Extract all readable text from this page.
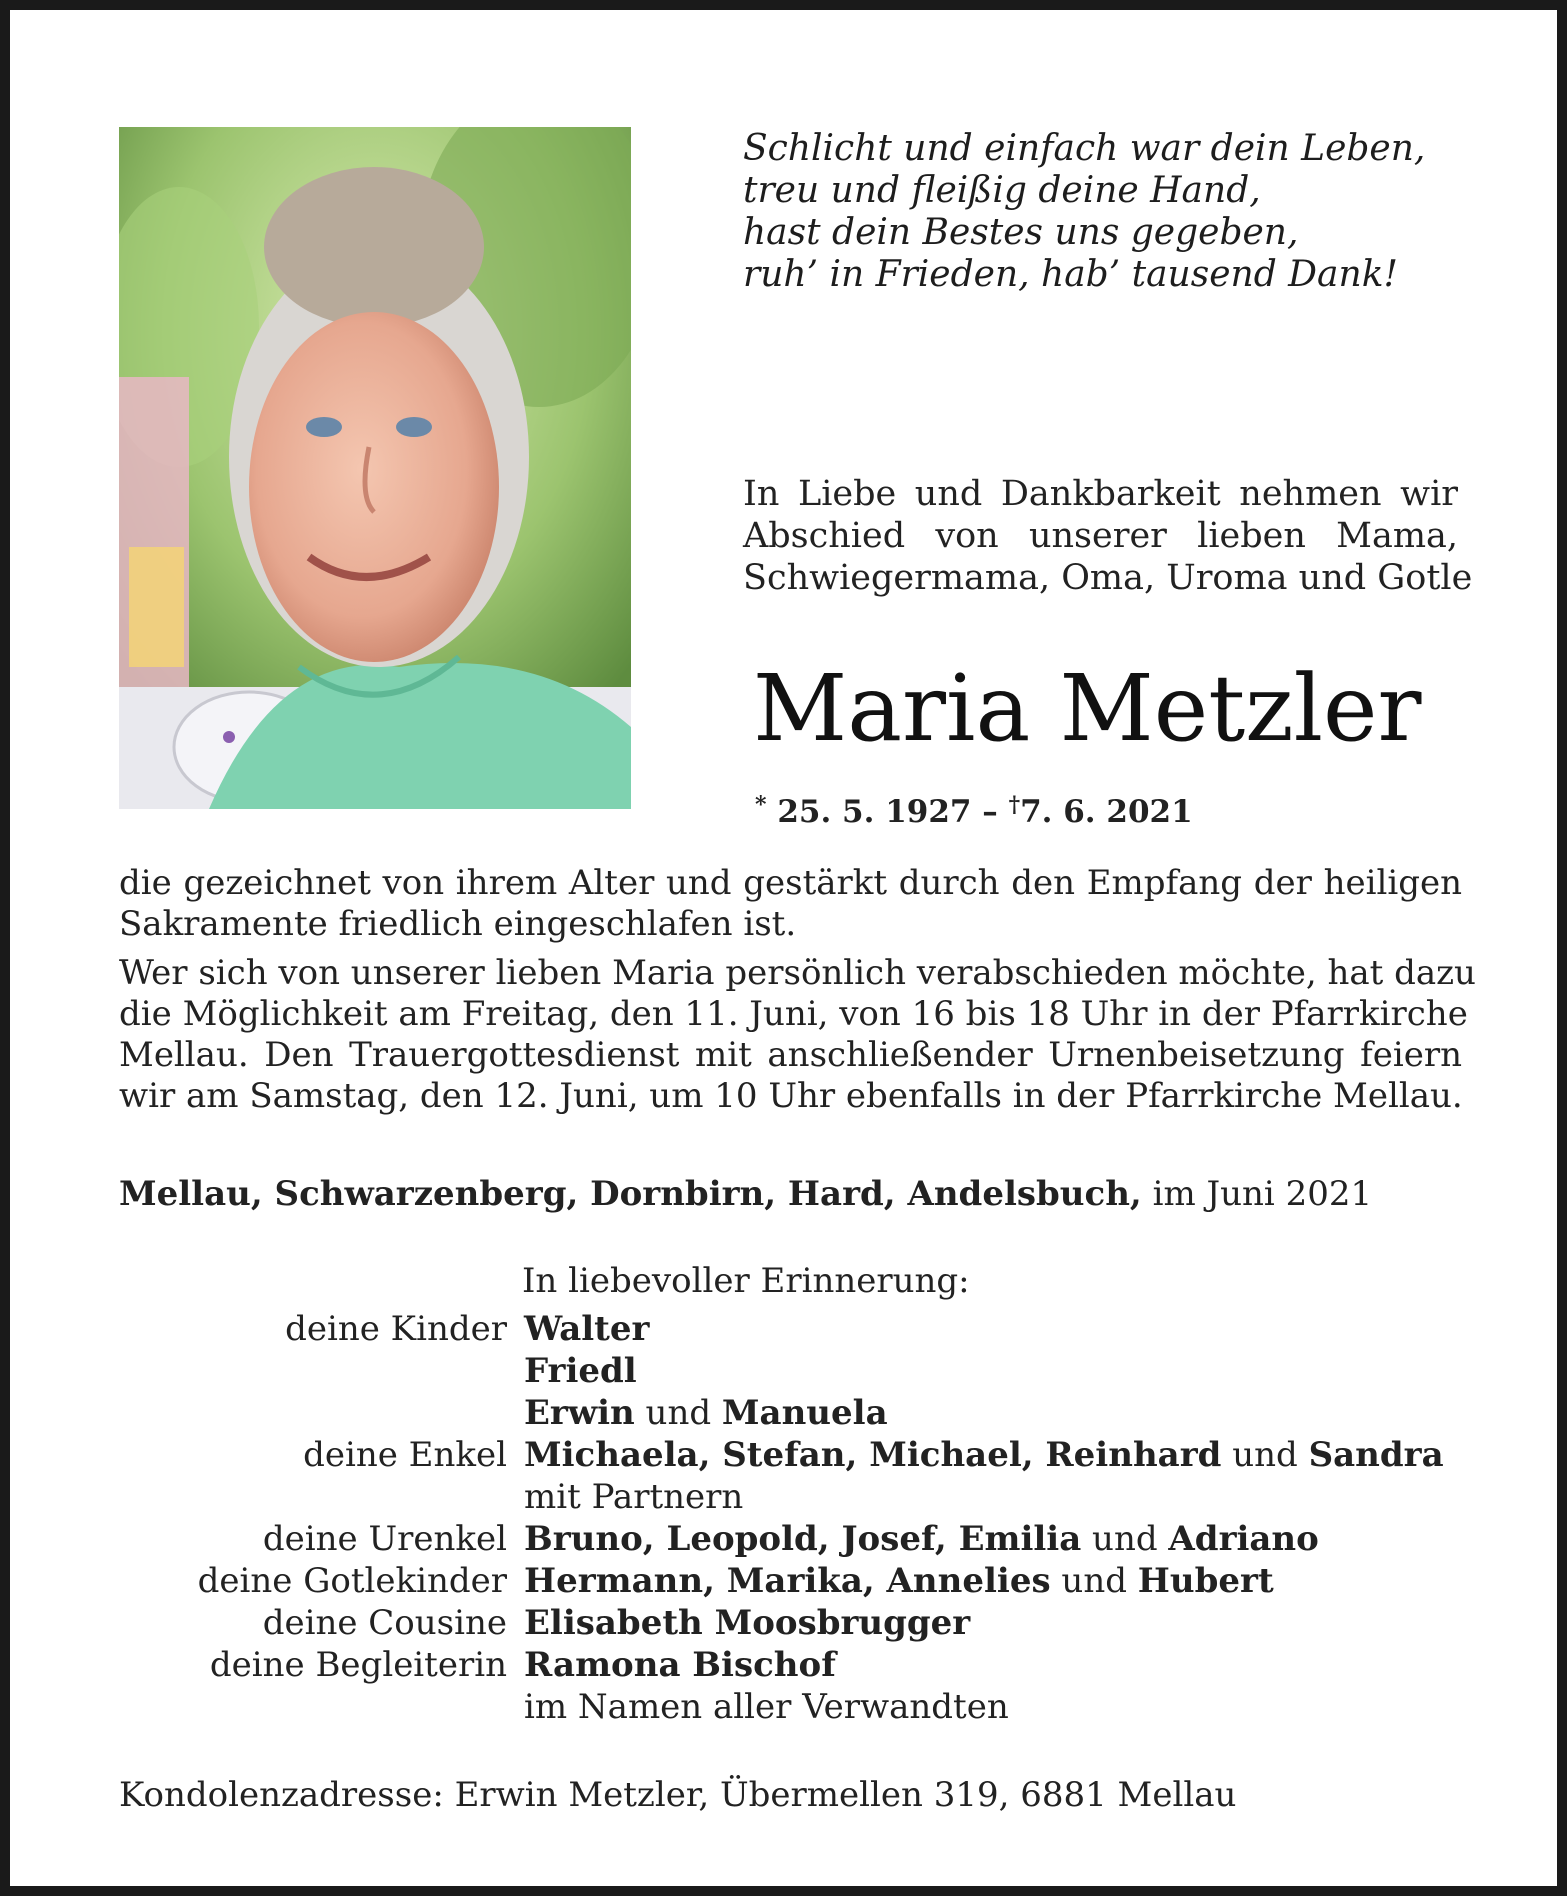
Schlicht und einfach war dein Leben,
treu und fleißig deine Hand,
hast dein Bestes uns gegeben,
ruh’ in Frieden, hab’ tausend Dank!
In Liebe und Dankbarkeit nehmen wir
Abschied von unserer lieben Mama,
Schwiegermama, Oma, Uroma und Gotle
Maria Metzler
* 25. 5. 1927 – †7. 6. 2021
die gezeichnet von ihrem Alter und gestärkt durch den Empfang der heiligen
Sakramente friedlich eingeschlafen ist.
Wer sich von unserer lieben Maria persönlich verabschieden möchte, hat dazu
die Möglichkeit am Freitag, den 11. Juni, von 16 bis 18 Uhr in der Pfarrkirche
Mellau. Den Trauergottesdienst mit anschließender Urnenbeisetzung feiern
wir am Samstag, den 12. Juni, um 10 Uhr ebenfalls in der Pfarrkirche Mellau.
Mellau, Schwarzenberg, Dornbirn, Hard, Andelsbuch, im Juni 2021
In liebevoller Erinnerung:
deine Kinder Walter
Friedl
Erwin und Manuela
deine Enkel Michaela, Stefan, Michael, Reinhard und Sandra
mit Partnern
deine Urenkel Bruno, Leopold, Josef, Emilia und Adriano
deine Gotlekinder Hermann, Marika, Annelies und Hubert
deine Cousine Elisabeth Moosbrugger
deine Begleiterin Ramona Bischof
im Namen aller Verwandten
Kondolenzadresse: Erwin Metzler, Übermellen 319, 6881 Mellau
